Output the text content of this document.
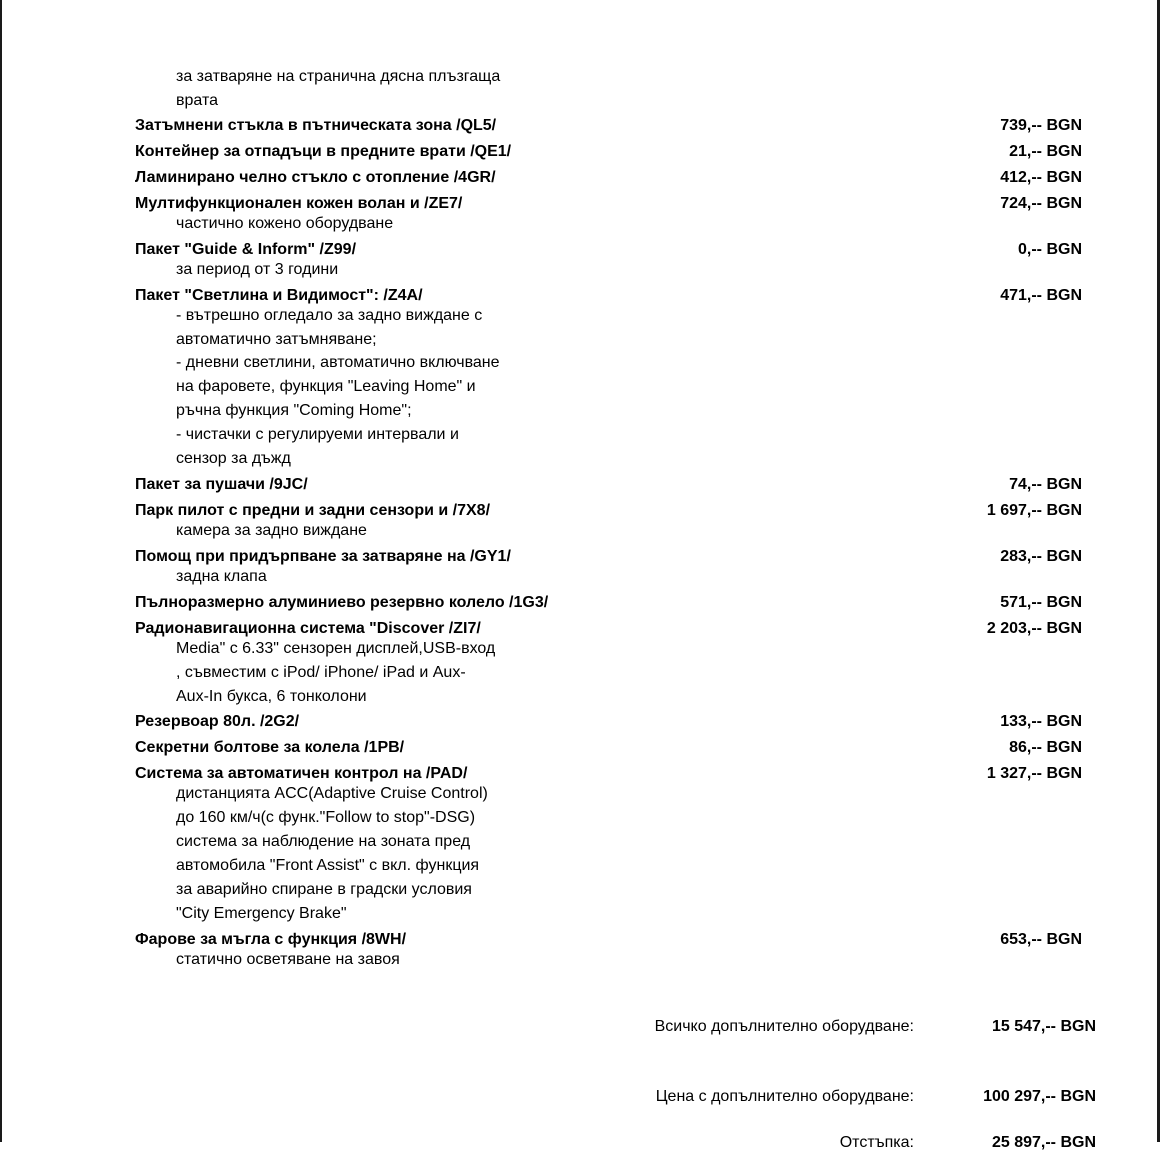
за затваряне на странична дясна плъзгаща
врата
Затъмнени стъкла в пътническата зона /QL5/	739,-- BGN
Контейнер за отпадъци в предните врати /QE1/	21,-- BGN
Ламинирано челно стъкло с отопление /4GR/	412,-- BGN
Мултифункционален кожен волан и /ZE7/	724,-- BGN
частично кожено оборудване
Пакет "Guide & Inform" /Z99/	0,-- BGN
за период от 3 години
Пакет "Светлина и Видимост": /Z4A/	471,-- BGN
- вътрешно огледало за задно виждане с
автоматично затъмняване;
- дневни светлини, автоматично включване
на фаровете, функция "Leaving Home" и
ръчна функция "Coming Home";
- чистачки с регулируеми интервали и
сензор за дъжд
Пакет за пушачи /9JC/	74,-- BGN
Парк пилот с предни и задни сензори и /7X8/	1 697,-- BGN
камера за задно виждане
Помощ при придърпване за затваряне на /GY1/	283,-- BGN
задна клапа
Пълноразмерно алуминиево резервно колело /1G3/	571,-- BGN
Радионавигационна система "Discover /ZI7/	2 203,-- BGN
Media" с 6.33" сензорен дисплей,USB-вход
, съвместим с iPod/ iPhone/ iPad и Aux-
Aux-In букса, 6 тонколони
Резервоар 80л. /2G2/	133,-- BGN
Секретни болтове за колела /1PB/	86,-- BGN
Система за автоматичен контрол на /PAD/	1 327,-- BGN
дистанцията ACC(Adaptive Cruise Control)
до 160 км/ч(с функ."Follow to stop"-DSG)
система за наблюдение на зоната пред
автомобила "Front Assist" с вкл. функция
за аварийно спиране в градски условия
"City Emergency Brake"
Фарове за мъгла с функция /8WH/	653,-- BGN
статично осветяване на завоя
Всичко допълнително оборудване:	15 547,-- BGN
Цена с допълнително оборудване:	100 297,-- BGN
Отстъпка:	25 897,-- BGN
